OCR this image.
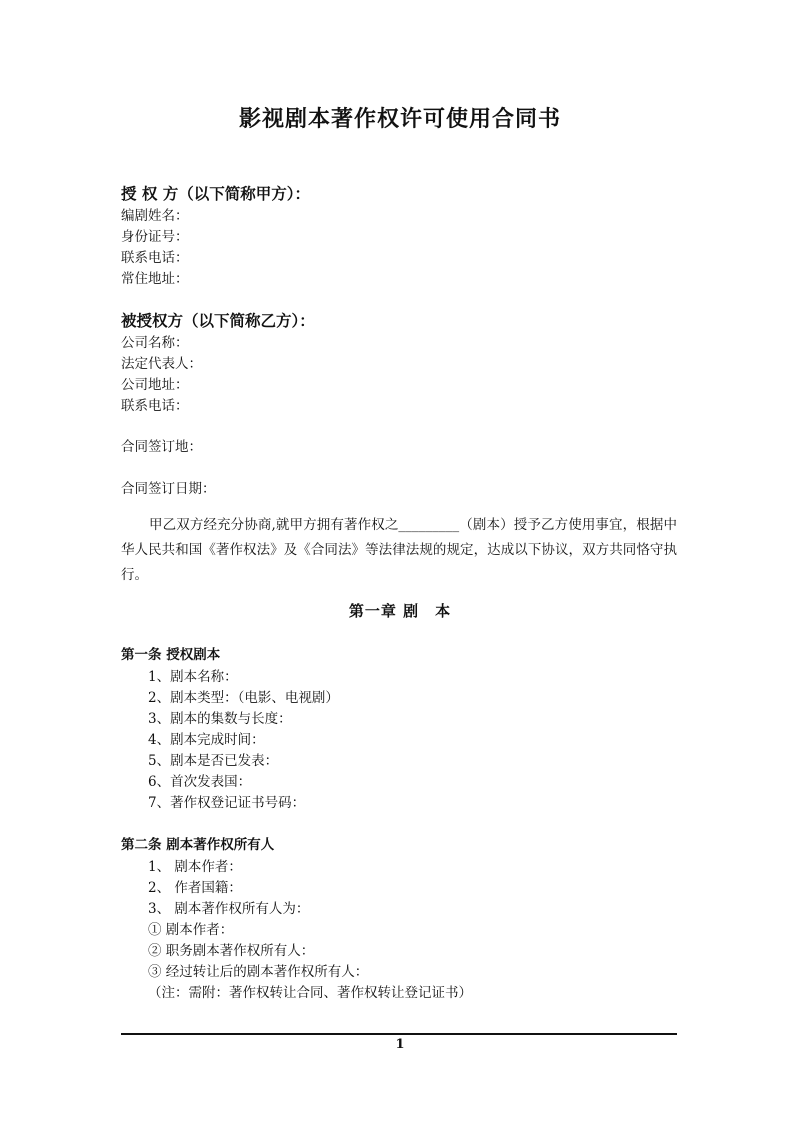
影视剧本著作权许可使用合同书
授 权 方（以下简称甲方）：
编剧姓名：
身份证号：
联系电话：
常住地址：
被授权方（以下简称乙方）：
公司名称：
法定代表人：
公司地址：
联系电话：
合同签订地：
合同签订日期：
甲乙双方经充分协商,就甲方拥有著作权之_________（剧本）授予乙方使用事宜，根据中华人民共和国《著作权法》及《合同法》等法律法规的规定，达成以下协议，双方共同恪守执行。
第一章 剧　本
第一条 授权剧本
1、剧本名称：
2、剧本类型：（电影、电视剧）
3、剧本的集数与长度：
4、剧本完成时间：
5、剧本是否已发表：
6、首次发表国：
7、著作权登记证书号码：
第二条 剧本著作权所有人
1、 剧本作者：
2、 作者国籍：
3、 剧本著作权所有人为：
① 剧本作者：
② 职务剧本著作权所有人：
③ 经过转让后的剧本著作权所有人：
（注：需附：著作权转让合同、著作权转让登记证书）
1
